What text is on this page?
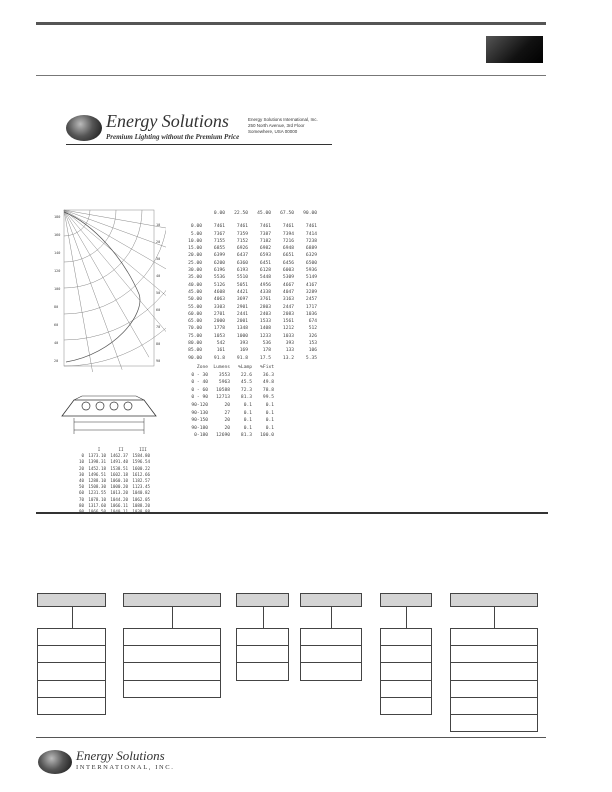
Energy Solutions
Premium Lighting without the Premium Price
Energy Solutions International, Inc.
250 North Avenue, 3rd Floor
Somewhere, USA 00000
180
160
140
120
100
80
60
40
20
10
20
30
40
50
60
70
80
90
0.00	22.50	45.00	67.50	90.00
0.00	7461	7461	7461	7461	7461
5.00	7367	7359	7387	7394	7414
10.00	7155	7152	7182	7216	7238
15.00	6855	6926	6982	6948	6889
20.00	6399	6437	6593	6651	6329
25.00	6200	6360	6451	6456	6500
30.00	6196	6193	6128	6003	5936
35.00	5536	5510	5448	5309	5149
40.00	5126	5051	4956	4667	4167
45.00	4608	4421	4338	4047	3289
50.00	4063	3697	3761	3163	2457
55.00	3303	2901	2803	2447	1717
60.00	2701	2441	2403	2083	1036
65.00	2000	2001	1533	1561	674
70.00	1778	1348	1408	1212	512
75.00	1053	1000	1233	1033	326
80.00	542	393	536	393	153
85.00	161	169	178	133	106
90.00	91.8	91.8	17.5	13.2	5.35
Zone	Lumens	%Lamp	%Fixt
0 - 30	3553	22.6	36.3
0 - 40	5963	45.5	49.8
0 - 60	10588	72.3	78.8
0 - 90	12713	81.3	99.5
90-120	20	0.1	0.1
90-130	27	0.1	0.1
90-150	20	0.1	0.1
90-180	20	0.1	0.1
0-180	12690	81.3	100.0
I	II	III
0	1373.10	1462.37	1584.80
10	1398.31	1491.40	1596.54
20	1452.18	1538.51	1600.22
30	1496.51	1602.18	1612.66
40	1288.10	1060.10	1182.57
50	1508.30	1000.20	1123.45
60	1231.55	1013.20	1040.82
70	1078.10	1044.20	1062.05
80	1317.60	1066.11	1088.20
Energy Solutions
INTERNATIONAL, INC.
